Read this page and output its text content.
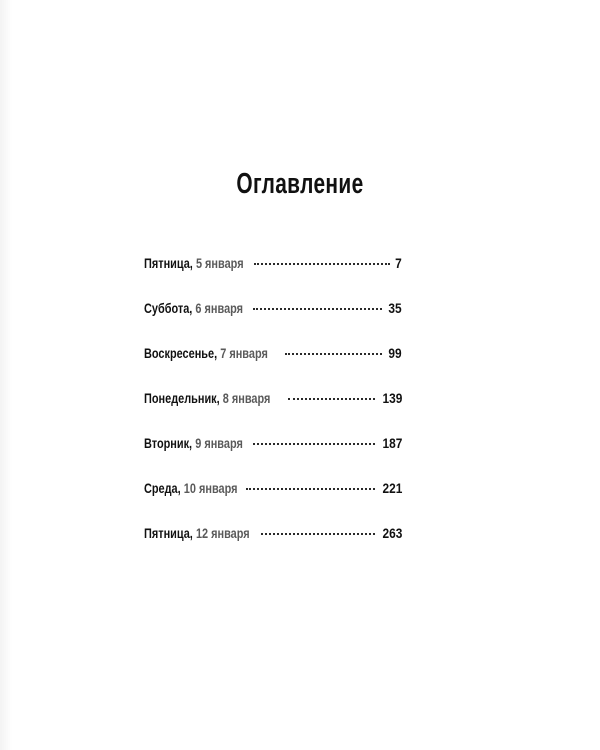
Оглавление
Пятница, 5 января	7
Суббота, 6 января	35
Воскресенье, 7 января	99
Понедельник, 8 января	139
Вторник, 9 января	187
Среда, 10 января	221
Пятница, 12 января	263
